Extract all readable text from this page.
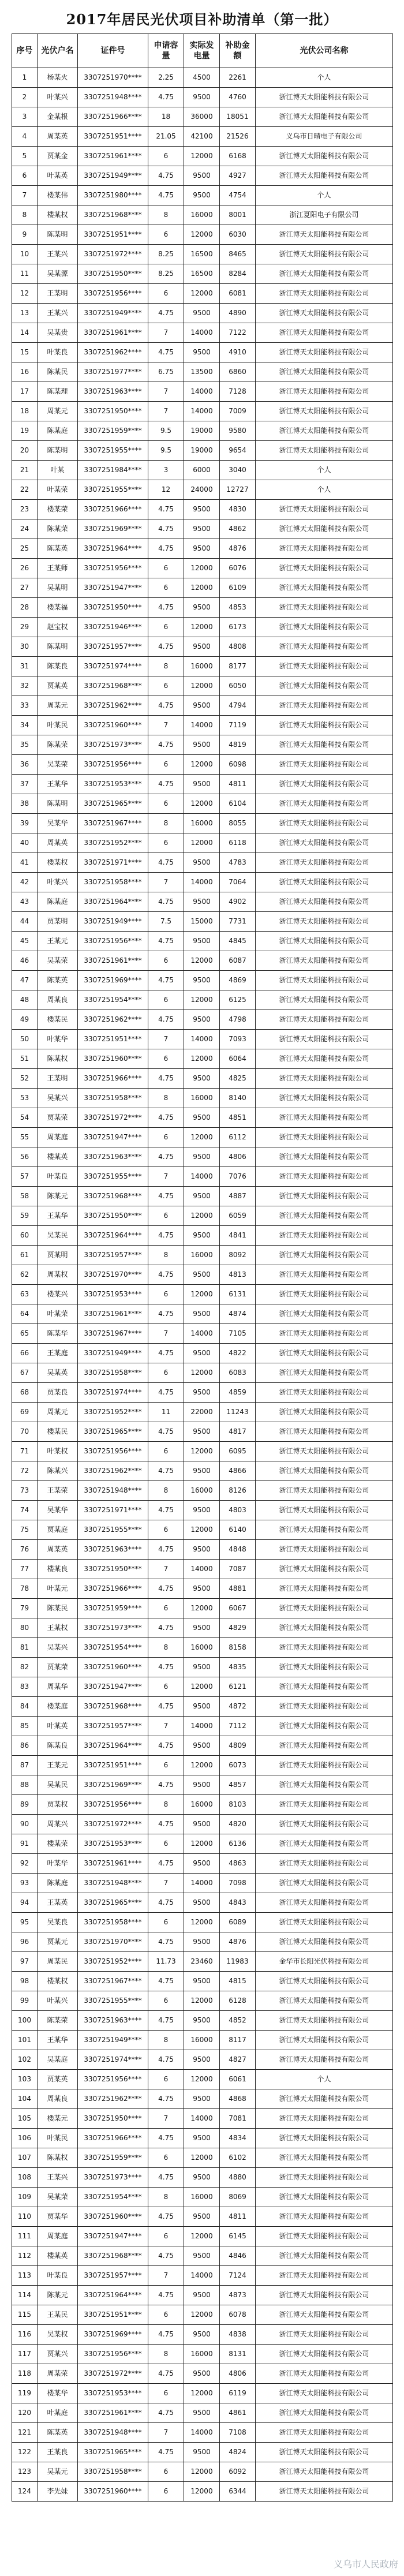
2017年居民光伏项目补助清单（第一批）
序号	光伏户名	证件号	申请容量	实际发电量	补助金额	光伏公司名称
1	杨某火	3307251970****	2.25	4500	2261	个人
2	叶某兴	3307251948****	4.75	9500	4760	浙江博天太阳能科技有限公司
3	金某根	3307251966****	18	36000	18051	浙江博天太阳能科技有限公司
4	周某英	3307251951****	21.05	42100	21526	义乌市日晴电子有限公司
5	贾某金	3307251961****	6	12000	6168	浙江博天太阳能科技有限公司
6	叶某英	3307251949****	4.75	9500	4927	浙江博天太阳能科技有限公司
7	楼某伟	3307251980****	4.75	9500	4754	个人
8	楼某权	3307251968****	8	16000	8001	浙江夏阳电子有限公司
9	陈某明	3307251951****	6	12000	6030	浙江博天太阳能科技有限公司
10	王某兴	3307251972****	8.25	16500	8465	浙江博天太阳能科技有限公司
11	吴某源	3307251950****	8.25	16500	8284	浙江博天太阳能科技有限公司
12	王某明	3307251956****	6	12000	6081	浙江博天太阳能科技有限公司
13	王某兴	3307251949****	4.75	9500	4890	浙江博天太阳能科技有限公司
14	吴某贵	3307251961****	7	14000	7122	浙江博天太阳能科技有限公司
15	叶某良	3307251962****	4.75	9500	4910	浙江博天太阳能科技有限公司
16	陈某民	3307251977****	6.75	13500	6860	浙江博天太阳能科技有限公司
17	陈某理	3307251963****	7	14000	7128	浙江博天太阳能科技有限公司
18	周某元	3307251950****	7	14000	7009	浙江博天太阳能科技有限公司
19	陈某庭	3307251959****	9.5	19000	9580	浙江博天太阳能科技有限公司
20	陈某明	3307251955****	9.5	19000	9654	浙江博天太阳能科技有限公司
21	叶某	3307251984****	3	6000	3040	个人
22	叶某荣	3307251955****	12	24000	12727	个人
23	楼某荣	3307251966****	4.75	9500	4830	浙江博天太阳能科技有限公司
24	陈某荣	3307251969****	4.75	9500	4862	浙江博天太阳能科技有限公司
25	陈某英	3307251964****	4.75	9500	4876	浙江博天太阳能科技有限公司
26	王某师	3307251956****	6	12000	6076	浙江博天太阳能科技有限公司
27	吴某明	3307251947****	6	12000	6109	浙江博天太阳能科技有限公司
28	楼某福	3307251950****	4.75	9500	4853	浙江博天太阳能科技有限公司
29	赵宝权	3307251946****	6	12000	6173	浙江博天太阳能科技有限公司
30	陈某明	3307251957****	4.75	9500	4808	浙江博天太阳能科技有限公司
31	陈某良	3307251974****	8	16000	8177	浙江博天太阳能科技有限公司
32	贾某英	3307251968****	6	12000	6050	浙江博天太阳能科技有限公司
33	周某元	3307251962****	4.75	9500	4794	浙江博天太阳能科技有限公司
34	叶某民	3307251960****	7	14000	7119	浙江博天太阳能科技有限公司
35	陈某荣	3307251973****	4.75	9500	4819	浙江博天太阳能科技有限公司
36	吴某荣	3307251956****	6	12000	6098	浙江博天太阳能科技有限公司
37	王某华	3307251953****	4.75	9500	4811	浙江博天太阳能科技有限公司
38	陈某明	3307251965****	6	12000	6104	浙江博天太阳能科技有限公司
39	吴某华	3307251967****	8	16000	8055	浙江博天太阳能科技有限公司
40	周某英	3307251952****	6	12000	6118	浙江博天太阳能科技有限公司
41	楼某权	3307251971****	4.75	9500	4783	浙江博天太阳能科技有限公司
42	叶某兴	3307251958****	7	14000	7064	浙江博天太阳能科技有限公司
43	陈某庭	3307251964****	4.75	9500	4902	浙江博天太阳能科技有限公司
44	贾某明	3307251949****	7.5	15000	7731	浙江博天太阳能科技有限公司
45	王某元	3307251956****	4.75	9500	4845	浙江博天太阳能科技有限公司
46	吴某荣	3307251961****	6	12000	6087	浙江博天太阳能科技有限公司
47	陈某英	3307251969****	4.75	9500	4869	浙江博天太阳能科技有限公司
48	周某良	3307251954****	6	12000	6125	浙江博天太阳能科技有限公司
49	楼某民	3307251962****	4.75	9500	4798	浙江博天太阳能科技有限公司
50	叶某华	3307251951****	7	14000	7093	浙江博天太阳能科技有限公司
51	陈某权	3307251960****	6	12000	6064	浙江博天太阳能科技有限公司
52	王某明	3307251966****	4.75	9500	4825	浙江博天太阳能科技有限公司
53	吴某兴	3307251958****	8	16000	8140	浙江博天太阳能科技有限公司
54	贾某荣	3307251972****	4.75	9500	4851	浙江博天太阳能科技有限公司
55	周某庭	3307251947****	6	12000	6112	浙江博天太阳能科技有限公司
56	楼某英	3307251963****	4.75	9500	4806	浙江博天太阳能科技有限公司
57	叶某良	3307251955****	7	14000	7076	浙江博天太阳能科技有限公司
58	陈某元	3307251968****	4.75	9500	4887	浙江博天太阳能科技有限公司
59	王某华	3307251950****	6	12000	6059	浙江博天太阳能科技有限公司
60	吴某民	3307251964****	4.75	9500	4841	浙江博天太阳能科技有限公司
61	贾某明	3307251957****	8	16000	8092	浙江博天太阳能科技有限公司
62	周某权	3307251970****	4.75	9500	4813	浙江博天太阳能科技有限公司
63	楼某兴	3307251953****	6	12000	6131	浙江博天太阳能科技有限公司
64	叶某荣	3307251961****	4.75	9500	4874	浙江博天太阳能科技有限公司
65	陈某华	3307251967****	7	14000	7105	浙江博天太阳能科技有限公司
66	王某庭	3307251949****	4.75	9500	4822	浙江博天太阳能科技有限公司
67	吴某英	3307251958****	6	12000	6083	浙江博天太阳能科技有限公司
68	贾某良	3307251974****	4.75	9500	4859	浙江博天太阳能科技有限公司
69	周某元	3307251952****	11	22000	11243	浙江博天太阳能科技有限公司
70	楼某民	3307251965****	4.75	9500	4817	浙江博天太阳能科技有限公司
71	叶某权	3307251956****	6	12000	6095	浙江博天太阳能科技有限公司
72	陈某兴	3307251962****	4.75	9500	4866	浙江博天太阳能科技有限公司
73	王某荣	3307251948****	8	16000	8126	浙江博天太阳能科技有限公司
74	吴某华	3307251971****	4.75	9500	4803	浙江博天太阳能科技有限公司
75	贾某庭	3307251955****	6	12000	6140	浙江博天太阳能科技有限公司
76	周某英	3307251963****	4.75	9500	4848	浙江博天太阳能科技有限公司
77	楼某良	3307251950****	7	14000	7087	浙江博天太阳能科技有限公司
78	叶某元	3307251966****	4.75	9500	4881	浙江博天太阳能科技有限公司
79	陈某民	3307251959****	6	12000	6067	浙江博天太阳能科技有限公司
80	王某权	3307251973****	4.75	9500	4829	浙江博天太阳能科技有限公司
81	吴某兴	3307251954****	8	16000	8158	浙江博天太阳能科技有限公司
82	贾某荣	3307251960****	4.75	9500	4835	浙江博天太阳能科技有限公司
83	周某华	3307251947****	6	12000	6121	浙江博天太阳能科技有限公司
84	楼某庭	3307251968****	4.75	9500	4872	浙江博天太阳能科技有限公司
85	叶某英	3307251957****	7	14000	7112	浙江博天太阳能科技有限公司
86	陈某良	3307251964****	4.75	9500	4809	浙江博天太阳能科技有限公司
87	王某元	3307251951****	6	12000	6073	浙江博天太阳能科技有限公司
88	吴某民	3307251969****	4.75	9500	4857	浙江博天太阳能科技有限公司
89	贾某权	3307251956****	8	16000	8103	浙江博天太阳能科技有限公司
90	周某兴	3307251972****	4.75	9500	4820	浙江博天太阳能科技有限公司
91	楼某荣	3307251953****	6	12000	6136	浙江博天太阳能科技有限公司
92	叶某华	3307251961****	4.75	9500	4863	浙江博天太阳能科技有限公司
93	陈某庭	3307251948****	7	14000	7098	浙江博天太阳能科技有限公司
94	王某英	3307251965****	4.75	9500	4843	浙江博天太阳能科技有限公司
95	吴某良	3307251958****	6	12000	6089	浙江博天太阳能科技有限公司
96	贾某元	3307251970****	4.75	9500	4876	浙江博天太阳能科技有限公司
97	周某民	3307251952****	11.73	23460	11983	金华市长阳光伏科技有限公司
98	楼某权	3307251967****	4.75	9500	4815	浙江博天太阳能科技有限公司
99	叶某兴	3307251955****	6	12000	6128	浙江博天太阳能科技有限公司
100	陈某荣	3307251963****	4.75	9500	4852	浙江博天太阳能科技有限公司
101	王某华	3307251949****	8	16000	8117	浙江博天太阳能科技有限公司
102	吴某庭	3307251974****	4.75	9500	4827	浙江博天太阳能科技有限公司
103	贾某英	3307251956****	6	12000	6061	个人
104	周某良	3307251962****	4.75	9500	4868	浙江博天太阳能科技有限公司
105	楼某元	3307251950****	7	14000	7081	浙江博天太阳能科技有限公司
106	叶某民	3307251966****	4.75	9500	4834	浙江博天太阳能科技有限公司
107	陈某权	3307251959****	6	12000	6102	浙江博天太阳能科技有限公司
108	王某兴	3307251973****	4.75	9500	4880	浙江博天太阳能科技有限公司
109	吴某荣	3307251954****	8	16000	8069	浙江博天太阳能科技有限公司
110	贾某华	3307251960****	4.75	9500	4811	浙江博天太阳能科技有限公司
111	周某庭	3307251947****	6	12000	6145	浙江博天太阳能科技有限公司
112	楼某英	3307251968****	4.75	9500	4846	浙江博天太阳能科技有限公司
113	叶某良	3307251957****	7	14000	7124	浙江博天太阳能科技有限公司
114	陈某元	3307251964****	4.75	9500	4873	浙江博天太阳能科技有限公司
115	王某民	3307251951****	6	12000	6078	浙江博天太阳能科技有限公司
116	吴某权	3307251969****	4.75	9500	4838	浙江博天太阳能科技有限公司
117	贾某兴	3307251956****	8	16000	8131	浙江博天太阳能科技有限公司
118	周某荣	3307251972****	4.75	9500	4806	浙江博天太阳能科技有限公司
119	楼某华	3307251953****	6	12000	6119	浙江博天太阳能科技有限公司
120	叶某庭	3307251961****	4.75	9500	4861	浙江博天太阳能科技有限公司
121	陈某英	3307251948****	7	14000	7108	浙江博天太阳能科技有限公司
122	王某良	3307251965****	4.75	9500	4824	浙江博天太阳能科技有限公司
123	吴某元	3307251958****	6	12000	6092	浙江博天太阳能科技有限公司
124	李先妹	3307251960****	6	12000	6344	浙江博天太阳能科技有限公司
义乌市人民政府
